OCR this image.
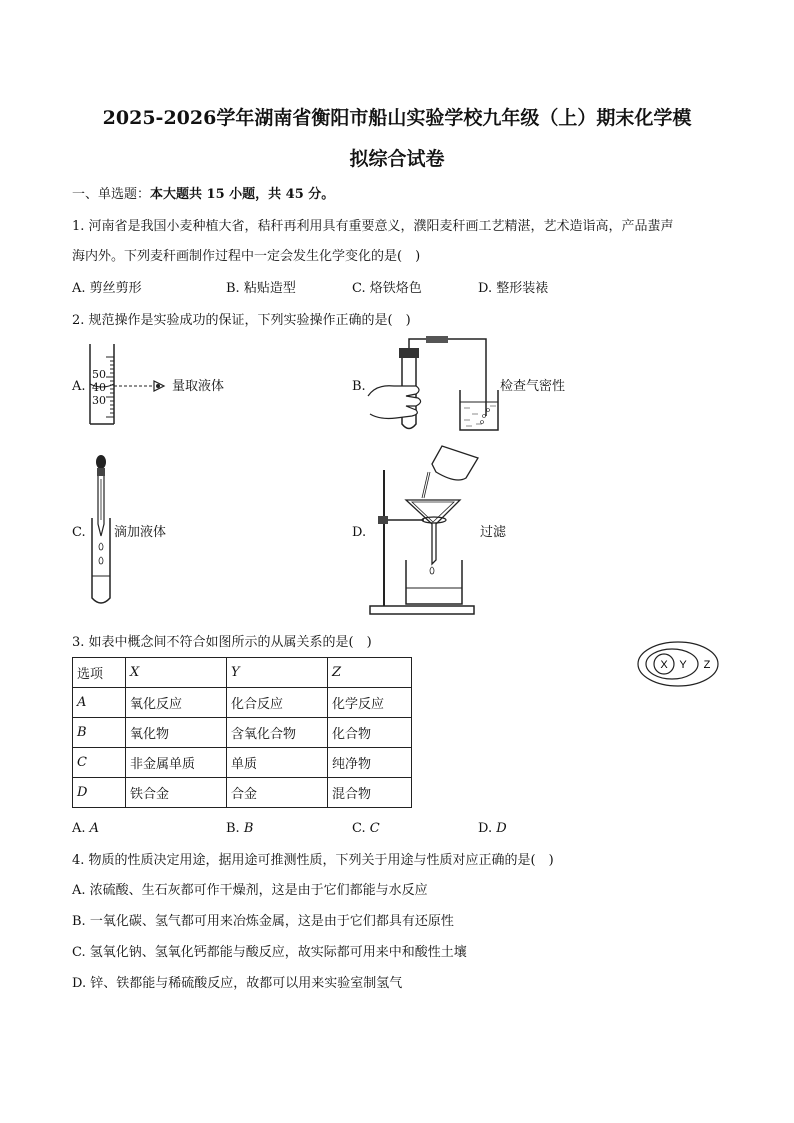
2025-2026学年湖南省衡阳市船山实验学校九年级（上）期末化学模
拟综合试卷
一、单选题：本大题共 15 小题，共 45 分。
1. 河南省是我国小麦种植大省，秸秆再利用具有重要意义，濮阳麦秆画工艺精湛，艺术造诣高，产品蜚声
海内外。下列麦秆画制作过程中一定会发生化学变化的是(　)
A. 剪丝剪形	B. 粘贴造型	C. 烙铁烙色	D. 整形装裱
2. 规范操作是实验成功的保证，下列实验操作正确的是(　)
A.
50
40
30
量取液体	B.	检查气密性
C. 滴加液体	D.	过滤
3. 如表中概念间不符合如图所示的从属关系的是(　)
X Y Z
选项	X	Y	Z
A	氧化反应	化合反应	化学反应
B	氧化物	含氧化合物	化合物
C	非金属单质	单质	纯净物
D	铁合金	合金	混合物
A. A	B. B	C. C	D. D
4. 物质的性质决定用途，据用途可推测性质，下列关于用途与性质对应正确的是(　)
A. 浓硫酸、生石灰都可作干燥剂，这是由于它们都能与水反应
B. 一氧化碳、氢气都可用来冶炼金属，这是由于它们都具有还原性
C. 氢氧化钠、氢氧化钙都能与酸反应，故实际都可用来中和酸性土壤
D. 锌、铁都能与稀硫酸反应，故都可以用来实验室制氢气
